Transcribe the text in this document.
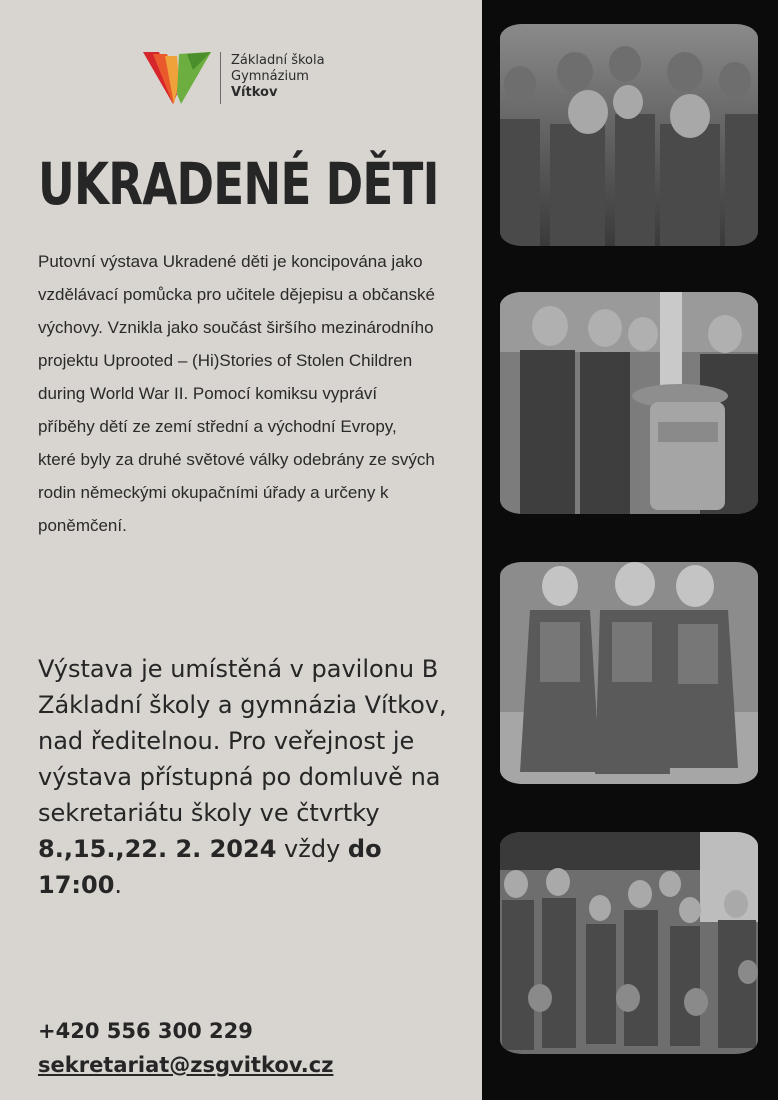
Základní škola
Gymnázium
Vítkov
UKRADENÉ DĚTI
Putovní výstava Ukradené děti je koncipována jako vzdělávací pomůcka pro učitele dějepisu a občanské výchovy. Vznikla jako součást širšího mezinárodního projektu Uprooted – (Hi)Stories of Stolen Children during World War II. Pomocí komiksu vypráví příběhy dětí ze zemí střední a východní Evropy, které byly za druhé světové války odebrány ze svých rodin německými okupačními úřady a určeny k poněmčení.
Výstava je umístěná v pavilonu B Základní školy a gymnázia Vítkov, nad ředitelnou. Pro veřejnost je výstava přístupná po domluvě na sekretariátu školy ve čtvrtky 8.,15.,22. 2. 2024 vždy do 17:00.
+420 556 300 229
sekretariat@zsgvitkov.cz
